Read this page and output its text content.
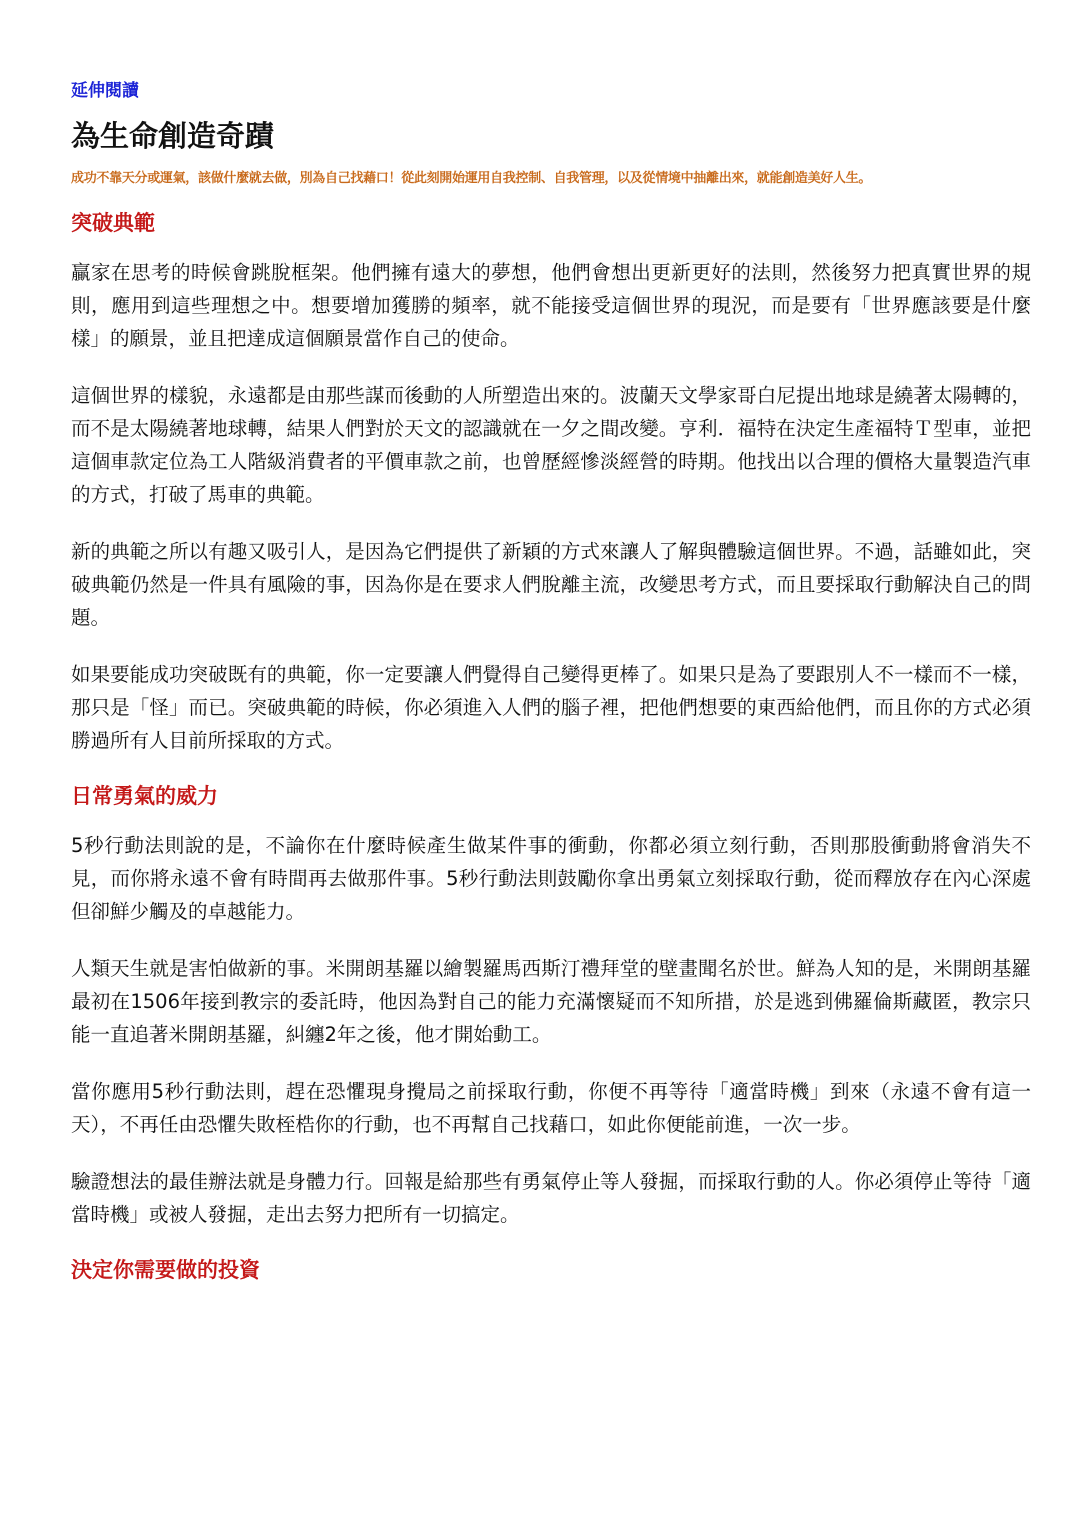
延伸閱讀
為生命創造奇蹟
成功不靠天分或運氣，該做什麼就去做，別為自己找藉口！從此刻開始運用自我控制、自我管理，以及從情境中抽離出來，就能創造美好人生。
突破典範

贏家在思考的時候會跳脫框架。他們擁有遠大的夢想，他們會想出更新更好的法則，然後努力把真實世界的規則，應用到這些理想之中。想要增加獲勝的頻率，就不能接受這個世界的現況，而是要有「世界應該要是什麼樣」的願景，並且把達成這個願景當作自己的使命。

這個世界的樣貌，永遠都是由那些謀而後動的人所塑造出來的。波蘭天文學家哥白尼提出地球是繞著太陽轉的，而不是太陽繞著地球轉，結果人們對於天文的認識就在一夕之間改變。亨利．福特在決定生產福特Ｔ型車，並把這個車款定位為工人階級消費者的平價車款之前，也曾歷經慘淡經營的時期。他找出以合理的價格大量製造汽車的方式，打破了馬車的典範。

新的典範之所以有趣又吸引人，是因為它們提供了新穎的方式來讓人了解與體驗這個世界。不過，話雖如此，突破典範仍然是一件具有風險的事，因為你是在要求人們脫離主流，改變思考方式，而且要採取行動解決自己的問題。

如果要能成功突破既有的典範，你一定要讓人們覺得自己變得更棒了。如果只是為了要跟別人不一樣而不一樣，那只是「怪」而已。突破典範的時候，你必須進入人們的腦子裡，把他們想要的東西給他們，而且你的方式必須勝過所有人目前所採取的方式。

日常勇氣的威力

5秒行動法則說的是，不論你在什麼時候產生做某件事的衝動，你都必須立刻行動，否則那股衝動將會消失不見，而你將永遠不會有時間再去做那件事。5秒行動法則鼓勵你拿出勇氣立刻採取行動，從而釋放存在內心深處但卻鮮少觸及的卓越能力。

人類天生就是害怕做新的事。米開朗基羅以繪製羅馬西斯汀禮拜堂的壁畫聞名於世。鮮為人知的是，米開朗基羅最初在1506年接到教宗的委託時，他因為對自己的能力充滿懷疑而不知所措，於是逃到佛羅倫斯藏匿，教宗只能一直追著米開朗基羅，糾纏2年之後，他才開始動工。

當你應用5秒行動法則，趕在恐懼現身攪局之前採取行動，你便不再等待「適當時機」到來（永遠不會有這一天），不再任由恐懼失敗桎梏你的行動，也不再幫自己找藉口，如此你便能前進，一次一步。

驗證想法的最佳辦法就是身體力行。回報是給那些有勇氣停止等人發掘，而採取行動的人。你必須停止等待「適當時機」或被人發掘，走出去努力把所有一切搞定。

決定你需要做的投資
